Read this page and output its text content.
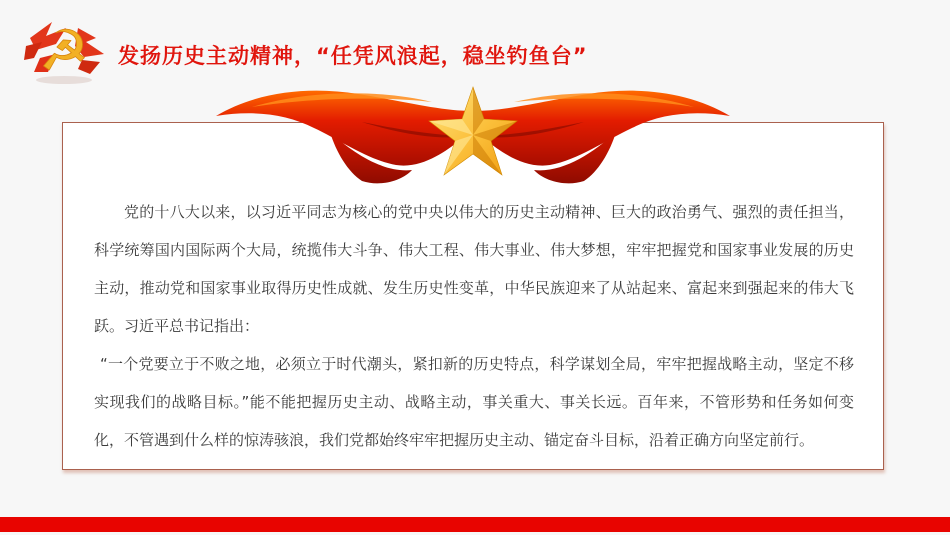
☭ 发扬历史主动精神，“任凭风浪起，稳坐钓鱼台”

党的十八大以来，以习近平同志为核心的党中央以伟大的历史主动精神、巨大的政治勇气、强烈的责任担当，科学统筹国内国际两个大局，统揽伟大斗争、伟大工程、伟大事业、伟大梦想，牢牢把握党和国家事业发展的历史主动，推动党和国家事业取得历史性成就、发生历史性变革，中华民族迎来了从站起来、富起来到强起来的伟大飞跃。习近平总书记指出：

“一个党要立于不败之地，必须立于时代潮头，紧扣新的历史特点，科学谋划全局，牢牢把握战略主动，坚定不移实现我们的战略目标。”能不能把握历史主动、战略主动，事关重大、事关长远。百年来，不管形势和任务如何变化，不管遇到什么样的惊涛骇浪，我们党都始终牢牢把握历史主动、锚定奋斗目标，沿着正确方向坚定前行。
